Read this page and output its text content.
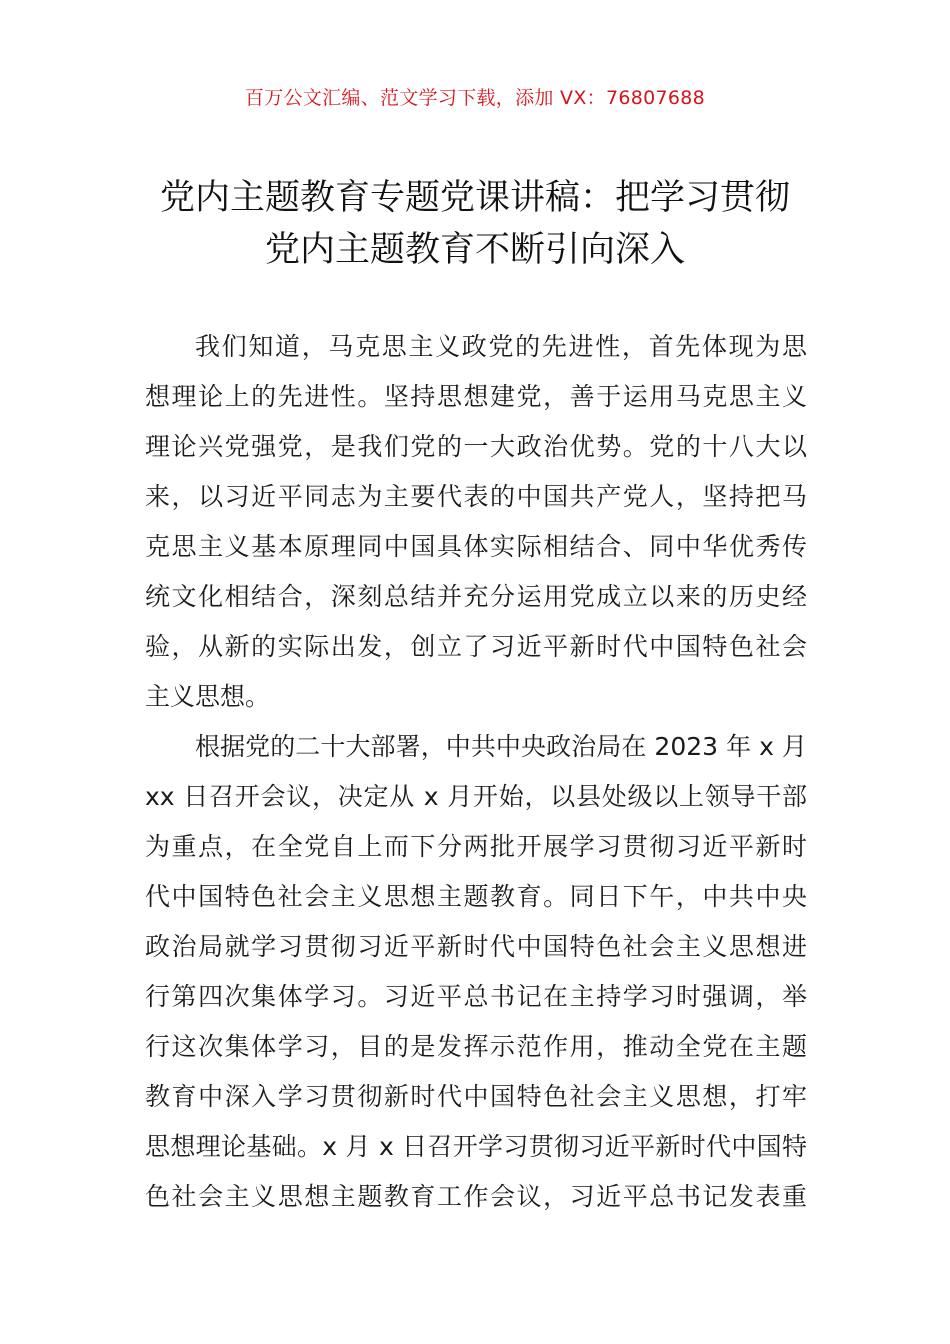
百万公文汇编、范文学习下载，添加 VX：76807688
党内主题教育专题党课讲稿：把学习贯彻
党内主题教育不断引向深入
我们知道，马克思主义政党的先进性，首先体现为思
想理论上的先进性。坚持思想建党，善于运用马克思主义
理论兴党强党，是我们党的一大政治优势。党的十八大以
来，以习近平同志为主要代表的中国共产党人，坚持把马
克思主义基本原理同中国具体实际相结合、同中华优秀传
统文化相结合，深刻总结并充分运用党成立以来的历史经
验，从新的实际出发，创立了习近平新时代中国特色社会
主义思想。
根据党的二十大部署，中共中央政治局在 2023 年 x 月
xx 日召开会议，决定从 x 月开始，以县处级以上领导干部
为重点，在全党自上而下分两批开展学习贯彻习近平新时
代中国特色社会主义思想主题教育。同日下午，中共中央
政治局就学习贯彻习近平新时代中国特色社会主义思想进
行第四次集体学习。习近平总书记在主持学习时强调，举
行这次集体学习，目的是发挥示范作用，推动全党在主题
教育中深入学习贯彻新时代中国特色社会主义思想，打牢
思想理论基础。x 月 x 日召开学习贯彻习近平新时代中国特
色社会主义思想主题教育工作会议，习近平总书记发表重
